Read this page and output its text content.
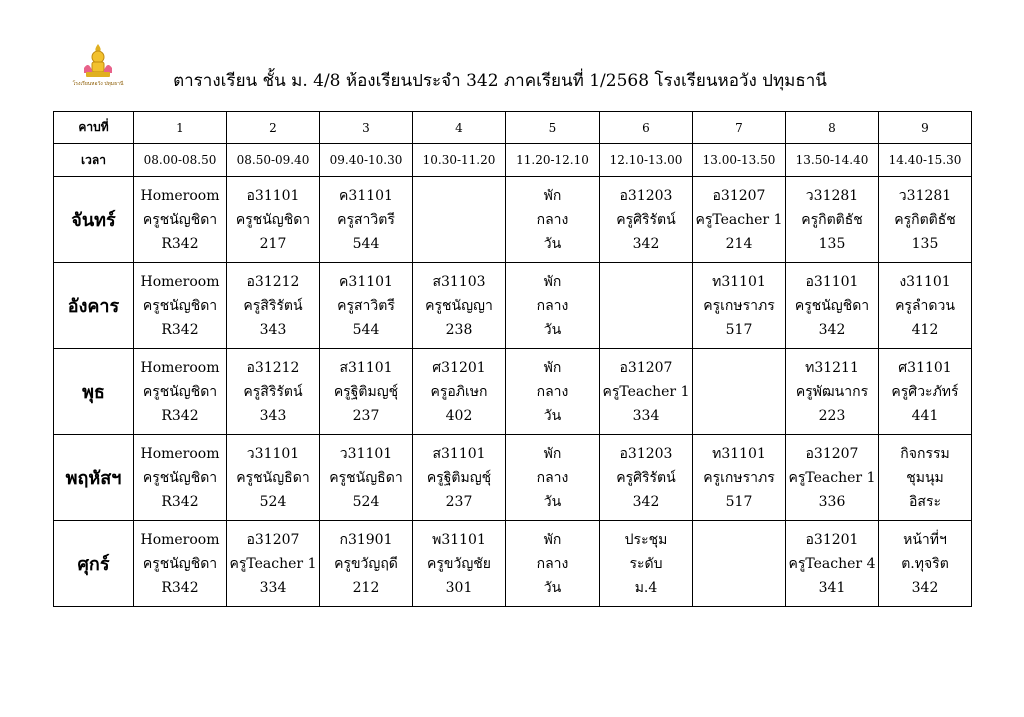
โรงเรียนหอวัง ปทุมธานี	ตารางเรียน ชั้น ม. 4/8 ห้องเรียนประจำ 342 ภาคเรียนที่ 1/2568 โรงเรียนหอวัง ปทุมธานี
คาบที่	1	2	3	4	5	6	7	8	9
เวลา	08.00-08.50	08.50-09.40	09.40-10.30	10.30-11.20	11.20-12.10	12.10-13.00	13.00-13.50	13.50-14.40	14.40-15.30
จันทร์	Homeroom
ครูชนัญชิดา
R342	อ31101
ครูชนัญชิดา
217	ค31101
ครูสาวิตรี
544		พัก
กลาง
วัน	อ31203
ครูศิริรัตน์
342	อ31207
ครูTeacher 1
214	ว31281
ครูกิตติธัช
135	ว31281
ครูกิตติธัช
135

อังคาร	Homeroom
ครูชนัญชิดา
R342	อ31212
ครูสิริรัตน์
343	ค31101
ครูสาวิตรี
544	ส31103
ครูชนัญญา
238	พัก
กลาง
วัน		ท31101
ครูเกษราภร
517	อ31101
ครูชนัญชิดา
342	ง31101
ครูลำดวน
412

พุธ	Homeroom
ครูชนัญชิดา
R342	อ31212
ครูสิริรัตน์
343	ส31101
ครูฐิติมญชุ์
237	ศ31201
ครูอภิเษก
402	พัก
กลาง
วัน	อ31207
ครูTeacher 1
334		ท31211
ครูพัฒนากร
223	ศ31101
ครูศิวะภัทร์
441

พฤหัสฯ	Homeroom
ครูชนัญชิดา
R342	ว31101
ครูชนัญธิดา
524	ว31101
ครูชนัญธิดา
524	ส31101
ครูฐิติมญชุ์
237	พัก
กลาง
วัน	อ31203
ครูศิริรัตน์
342	ท31101
ครูเกษราภร
517	อ31207
ครูTeacher 1
336	กิจกรรม
ชุมนุม
อิสระ

ศุกร์	Homeroom
ครูชนัญชิดา
R342	อ31207
ครูTeacher 1
334	ก31901
ครูขวัญฤดี
212	พ31101
ครูขวัญชัย
301	พัก
กลาง
วัน	ประชุม
ระดับ
ม.4		อ31201
ครูTeacher 4
341	หน้าที่ฯ
ต.ทุจริต
342
